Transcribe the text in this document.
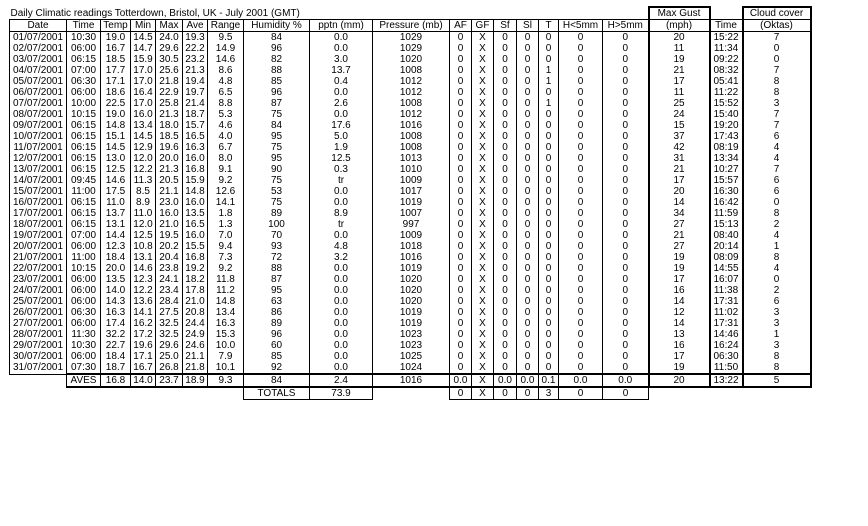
Daily Climatic readings Totterdown, Bristol, UK - July 2001 (GMT)																	Max Gust		Cloud cover
Date	Time	Temp	Min	Max	Ave	Range	Humidity %	pptn (mm)	Pressure (mb)	AF	GF	Sf	Sl	T	H<5mm	H>5mm	(mph)	Time	(Oktas)
01/07/2001	10:30	19.0	14.5	24.0	19.3	9.5	84	0.0	1029	0	X	0	0	0	0	0	20	15:22	7
02/07/2001	06:00	16.7	14.7	29.6	22.2	14.9	96	0.0	1029	0	X	0	0	0	0	0	11	11:34	0
03/07/2001	06:15	18.5	15.9	30.5	23.2	14.6	82	3.0	1020	0	X	0	0	0	0	0	19	09:22	0
04/07/2001	07:00	17.7	17.0	25.6	21.3	8.6	88	13.7	1008	0	X	0	0	1	0	0	21	08:32	7
05/07/2001	06:30	17.1	17.0	21.8	19.4	4.8	85	0.4	1012	0	X	0	0	1	0	0	17	05:41	8
06/07/2001	06:00	18.6	16.4	22.9	19.7	6.5	96	0.0	1012	0	X	0	0	0	0	0	11	11:22	8
07/07/2001	10:00	22.5	17.0	25.8	21.4	8.8	87	2.6	1008	0	X	0	0	1	0	0	25	15:52	3
08/07/2001	10:15	19.0	16.0	21.3	18.7	5.3	75	0.0	1012	0	X	0	0	0	0	0	24	15:40	7
09/07/2001	06:15	14.8	13.4	18.0	15.7	4.6	84	17.6	1016	0	X	0	0	0	0	0	15	19:20	7
10/07/2001	06:15	15.1	14.5	18.5	16.5	4.0	95	5.0	1008	0	X	0	0	0	0	0	37	17:43	6
11/07/2001	06:15	14.5	12.9	19.6	16.3	6.7	75	1.9	1008	0	X	0	0	0	0	0	42	08:19	4
12/07/2001	06:15	13.0	12.0	20.0	16.0	8.0	95	12.5	1013	0	X	0	0	0	0	0	31	13:34	4
13/07/2001	06:15	12.5	12.2	21.3	16.8	9.1	90	0.3	1010	0	X	0	0	0	0	0	21	10:27	7
14/07/2001	09:45	14.6	11.3	20.5	15.9	9.2	75	tr	1009	0	X	0	0	0	0	0	17	15:57	6
15/07/2001	11:00	17.5	8.5	21.1	14.8	12.6	53	0.0	1017	0	X	0	0	0	0	0	20	16:30	6
16/07/2001	06:15	11.0	8.9	23.0	16.0	14.1	75	0.0	1019	0	X	0	0	0	0	0	14	16:42	0
17/07/2001	06:15	13.7	11.0	16.0	13.5	1.8	89	8.9	1007	0	X	0	0	0	0	0	34	11:59	8
18/07/2001	06:15	13.1	12.0	21.0	16.5	1.3	100	tr	997	0	X	0	0	0	0	0	27	15:13	2
19/07/2001	07:00	14.4	12.5	19.5	16.0	7.0	70	0.0	1009	0	X	0	0	0	0	0	21	08:40	4
20/07/2001	06:00	12.3	10.8	20.2	15.5	9.4	93	4.8	1018	0	X	0	0	0	0	0	27	20:14	1
21/07/2001	11:00	18.4	13.1	20.4	16.8	7.3	72	3.2	1016	0	X	0	0	0	0	0	19	08:09	8
22/07/2001	10:15	20.0	14.6	23.8	19.2	9.2	88	0.0	1019	0	X	0	0	0	0	0	19	14:55	4
23/07/2001	06:00	13.5	12.3	24.1	18.2	11.8	87	0.0	1020	0	X	0	0	0	0	0	17	16:07	0
24/07/2001	06:00	14.0	12.2	23.4	17.8	11.2	95	0.0	1020	0	X	0	0	0	0	0	16	11:38	2
25/07/2001	06:00	14.3	13.6	28.4	21.0	14.8	63	0.0	1020	0	X	0	0	0	0	0	14	17:31	6
26/07/2001	06:30	16.3	14.1	27.5	20.8	13.4	86	0.0	1019	0	X	0	0	0	0	0	12	11:02	3
27/07/2001	06:00	17.4	16.2	32.5	24.4	16.3	89	0.0	1019	0	X	0	0	0	0	0	14	17:31	3
28/07/2001	11:30	32.2	17.2	32.5	24.9	15.3	96	0.0	1023	0	X	0	0	0	0	0	13	14:46	1
29/07/2001	10:30	22.7	19.6	29.6	24.6	10.0	60	0.0	1023	0	X	0	0	0	0	0	16	16:24	3
30/07/2001	06:00	18.4	17.1	25.0	21.1	7.9	85	0.0	1025	0	X	0	0	0	0	0	17	06:30	8
31/07/2001	07:30	18.7	16.7	26.8	21.8	10.1	92	0.0	1024	0	X	0	0	0	0	0	19	11:50	8
	AVES	16.8	14.0	23.7	18.9	9.3	84	2.4	1016	0.0	X	0.0	0.0	0.1	0.0	0.0	20	13:22	5
							TOTALS	73.9		0	X	0	0	3	0	0			
